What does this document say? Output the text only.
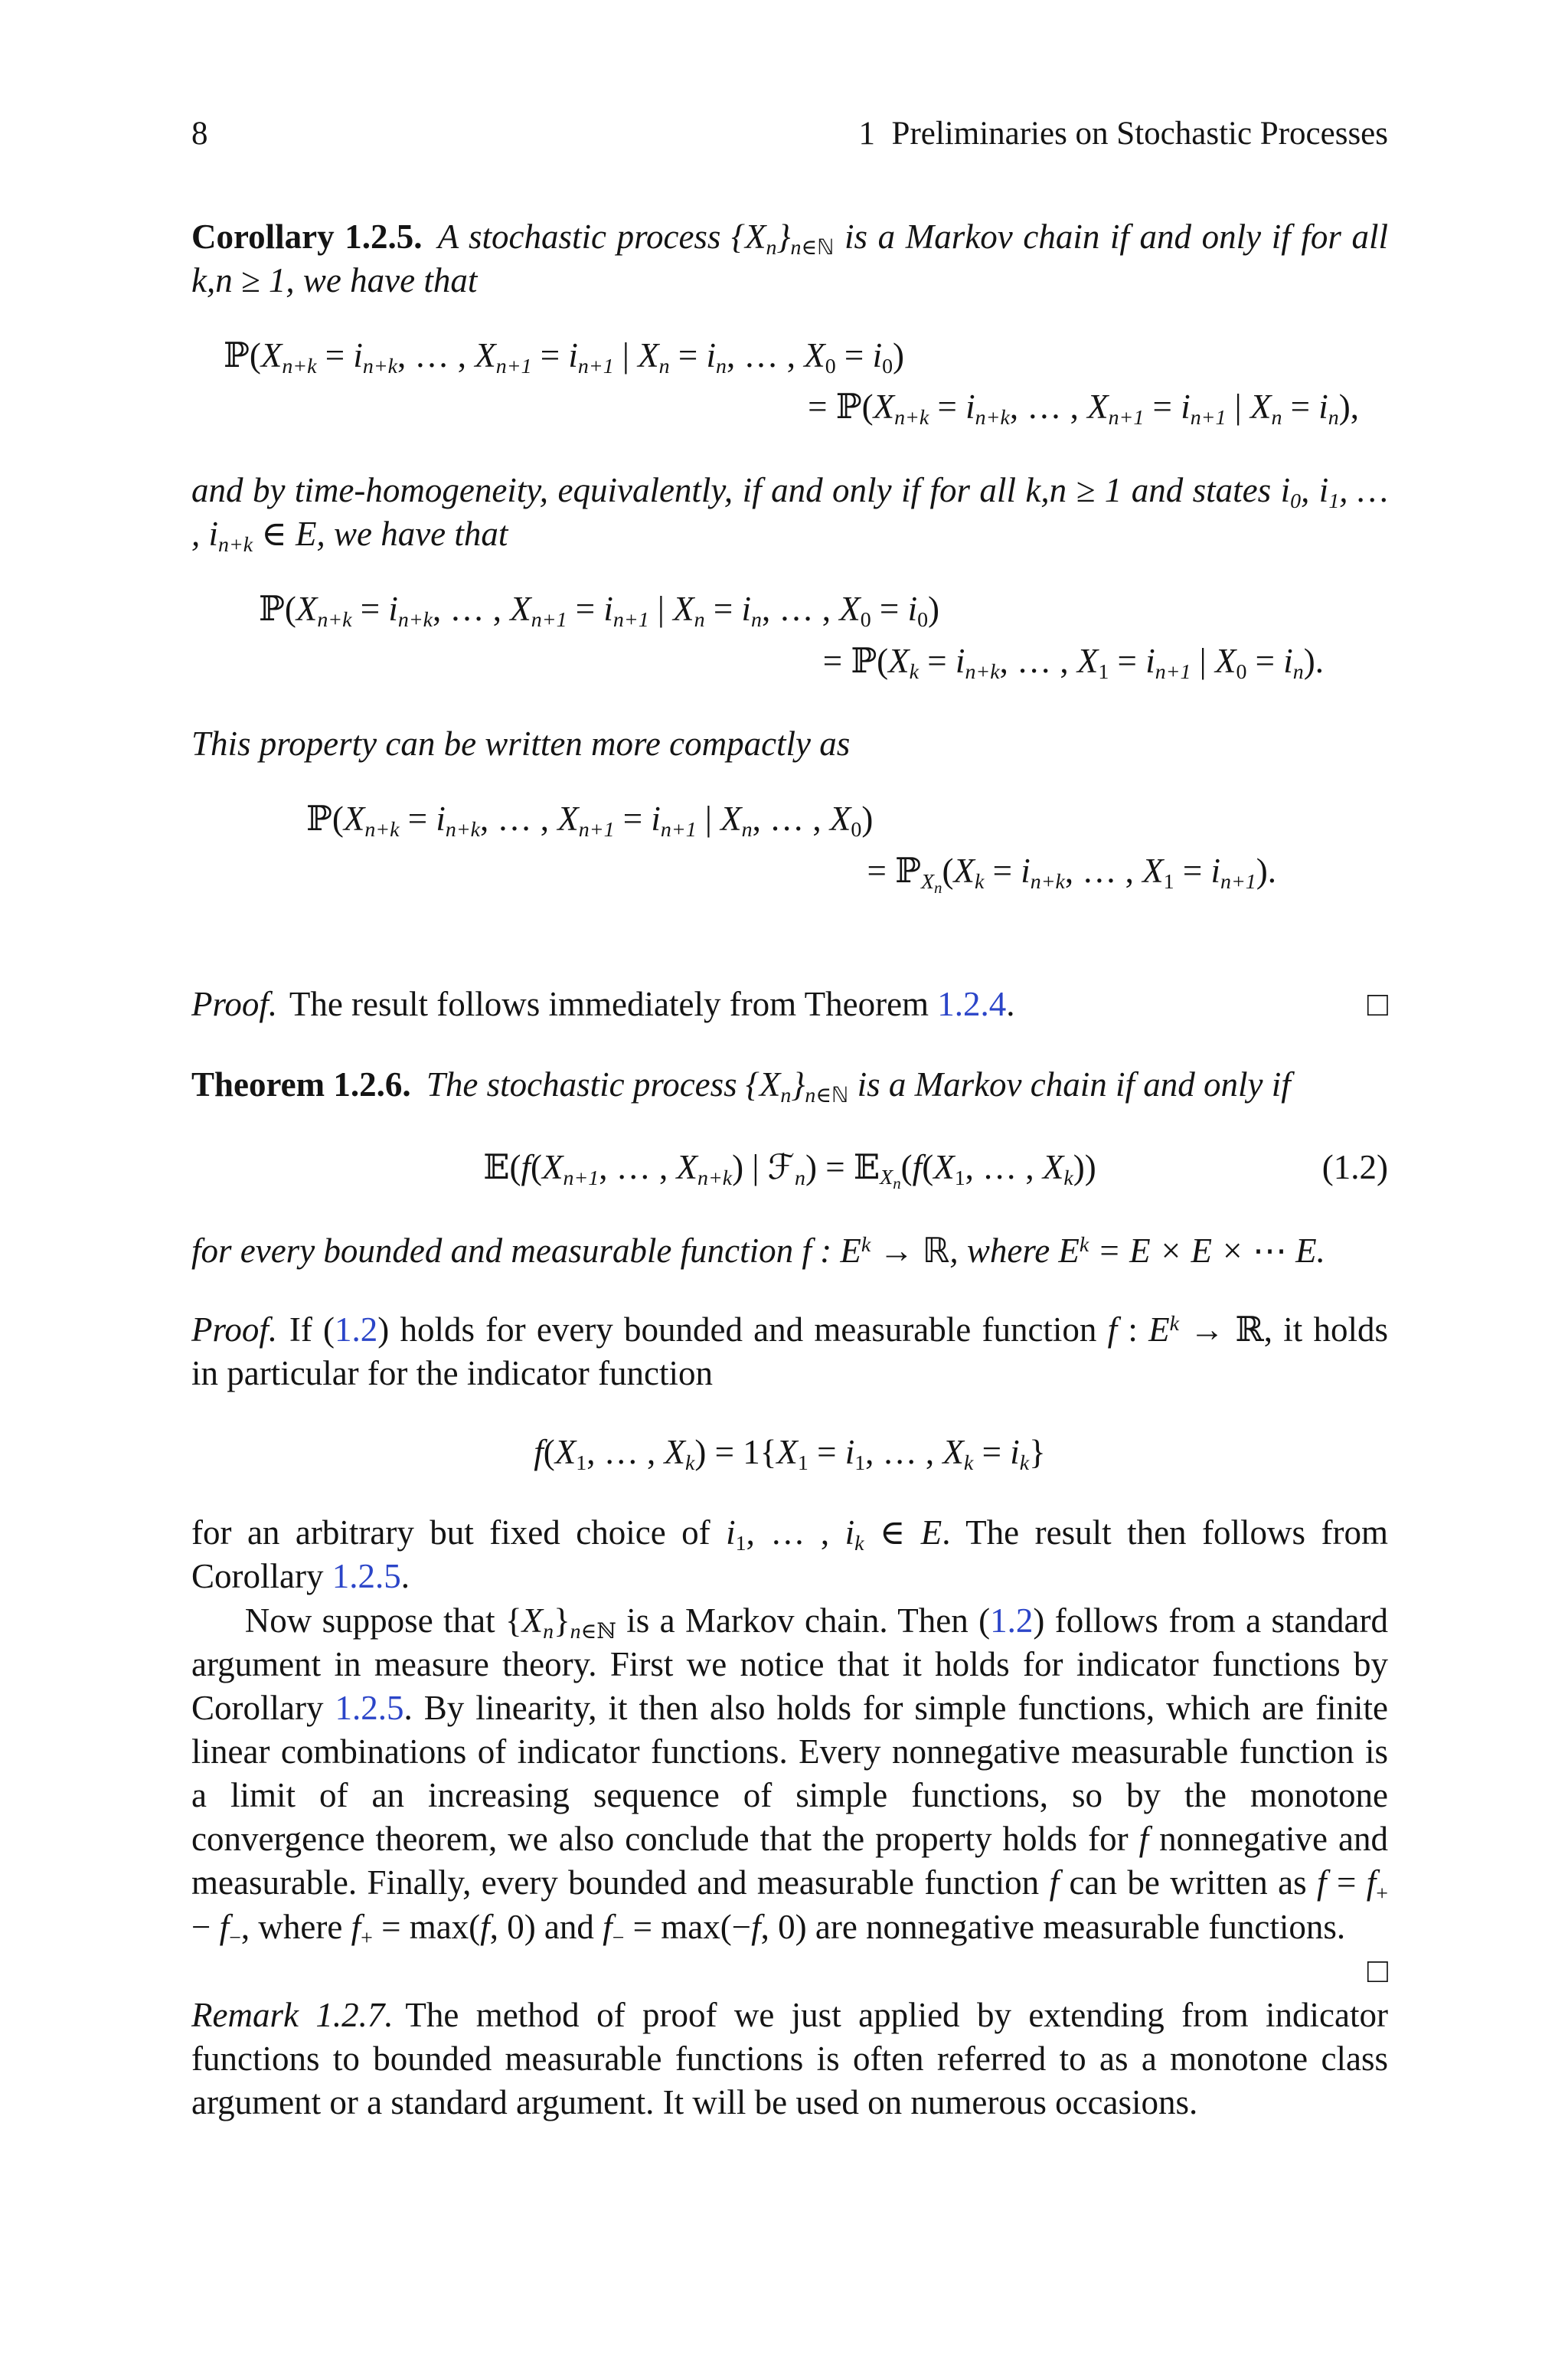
8	1  Preliminaries on Stochastic Processes

Corollary 1.2.5. A stochastic process $\{X_n\}_{n\in ℕ}$ is a Markov chain if and only if for all k,n ≥ 1, we have that

$ℙ(X_{n+k} = i_{n+k}$, … , $X_{n+1} = i_{n+1}$ | $X_n = i_n$, … , $X_0 = i_0$)
= $ℙ(X_{n+k} = i_{n+k}$, … , $X_{n+1} = i_{n+1}$ | $X_n = i_n$),

and by time-homogeneity, equivalently, if and only if for all k,n ≥ 1 and states $i_0$, $i_1$, … , $i_{n+k}$ ∈ E, we have that

$ℙ(X_{n+k} = i_{n+k}$, … , $X_{n+1} = i_{n+1}$ | $X_n = i_n$, … , $X_0 = i_0$)
= $ℙ(X_k = i_{n+k}$, … , $X_1 = i_{n+1}$ | $X_0 = i_n$).

This property can be written more compactly as

$ℙ(X_{n+k} = i_{n+k}$, … , $X_{n+1} = i_{n+1}$ | $X_n$, … , $X_0$)
= $ℙ_{X_n}(X_k = i_{n+k}$, … , $X_1 = i_{n+1}$).

Proof. The result follows immediately from Theorem 1.2.4.	□

Theorem 1.2.6. The stochastic process $\{X_n\}_{n\in ℕ}$ is a Markov chain if and only if

$𝔼(f(X_{n+1}$, … , $X_{n+k}$) | ℱ$_n$) = $𝔼_{X_n}(f(X_1$, … , $X_k$))	(1.2)

for every bounded and measurable function f : $E^k$ → ℝ, where $E^k = E \times E$ × ⋯ E.

Proof. If (1.2) holds for every bounded and measurable function f : $E^k$ → ℝ, it holds in particular for the indicator function

$f(X_1$, … , $X_k) = 1\{X_1 = i_1$, … , $X_k = i_k$}

for an arbitrary but fixed choice of $i_1$, … , $i_k$ ∈ E. The result then follows from Corollary 1.2.5.

Now suppose that $\{X_n\}_{n\in ℕ}$ is a Markov chain. Then (1.2) follows from a standard argument in measure theory. First we notice that it holds for indicator functions by Corollary 1.2.5. By linearity, it then also holds for simple functions, which are finite linear combinations of indicator functions. Every nonnegative measurable function is a limit of an increasing sequence of simple functions, so by the monotone convergence theorem, we also conclude that the property holds for f nonnegative and measurable. Finally, every bounded and measurable function f can be written as $f = f_+ - f_-$, where $f_+ = \max(f$, 0) and $f_- = \max(-f$, 0) are nonnegative measurable functions.
□

Remark 1.2.7. The method of proof we just applied by extending from indicator functions to bounded measurable functions is often referred to as a monotone class argument or a standard argument. It will be used on numerous occasions.
